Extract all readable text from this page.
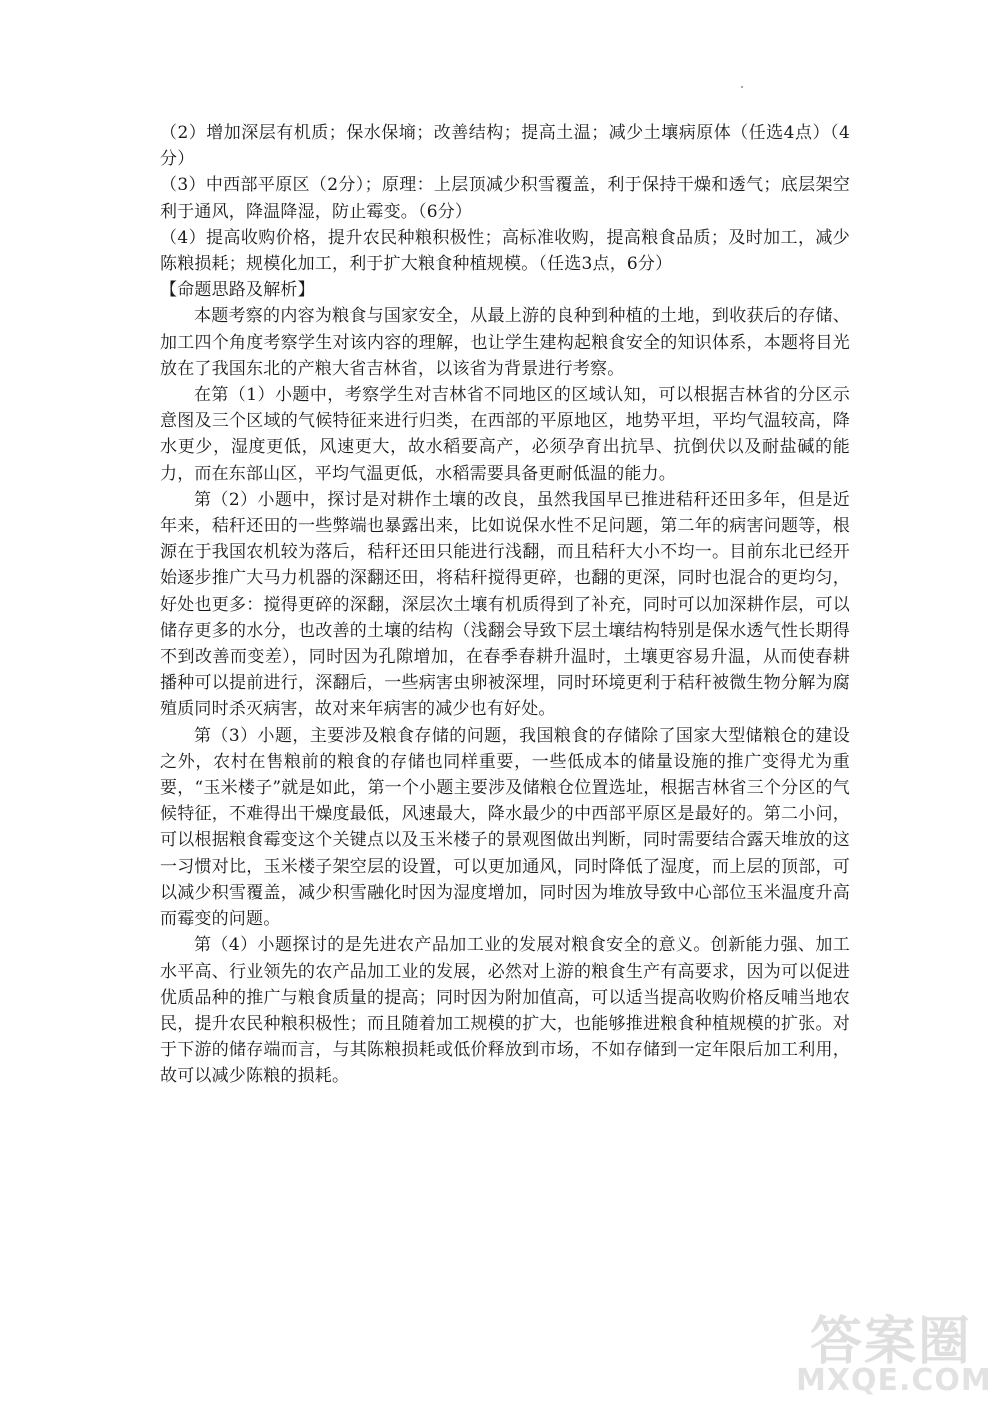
（2）增加深层有机质；保水保墒；改善结构；提高土温；减少土壤病原体（任选4点）（4分）

（3）中西部平原区（2分）；原理：上层顶减少积雪覆盖，利于保持干燥和透气；底层架空利于通风，降温降湿，防止霉变。（6分）

（4）提高收购价格，提升农民种粮积极性；高标准收购，提高粮食品质；及时加工，减少陈粮损耗；规模化加工，利于扩大粮食种植规模。（任选3点，6分）

【命题思路及解析】

本题考察的内容为粮食与国家安全，从最上游的良种到种植的土地，到收获后的存储、加工四个角度考察学生对该内容的理解，也让学生建构起粮食安全的知识体系，本题将目光放在了我国东北的产粮大省吉林省，以该省为背景进行考察。

在第（1）小题中，考察学生对吉林省不同地区的区域认知，可以根据吉林省的分区示意图及三个区域的气候特征来进行归类，在西部的平原地区，地势平坦，平均气温较高，降水更少，湿度更低，风速更大，故水稻要高产，必须孕育出抗旱、抗倒伏以及耐盐碱的能力，而在东部山区，平均气温更低，水稻需要具备更耐低温的能力。

第（2）小题中，探讨是对耕作土壤的改良，虽然我国早已推进秸秆还田多年，但是近年来，秸秆还田的一些弊端也暴露出来，比如说保水性不足问题，第二年的病害问题等，根源在于我国农机较为落后，秸秆还田只能进行浅翻，而且秸秆大小不均一。目前东北已经开始逐步推广大马力机器的深翻还田，将秸秆搅得更碎，也翻的更深，同时也混合的更均匀，好处也更多：搅得更碎的深翻，深层次土壤有机质得到了补充，同时可以加深耕作层，可以储存更多的水分，也改善的土壤的结构（浅翻会导致下层土壤结构特别是保水透气性长期得不到改善而变差），同时因为孔隙增加，在春季春耕升温时，土壤更容易升温，从而使春耕播种可以提前进行，深翻后，一些病害虫卵被深埋，同时环境更利于秸秆被微生物分解为腐殖质同时杀灭病害，故对来年病害的减少也有好处。

第（3）小题，主要涉及粮食存储的问题，我国粮食的存储除了国家大型储粮仓的建设之外，农村在售粮前的粮食的存储也同样重要，一些低成本的储量设施的推广变得尤为重要，“玉米楼子”就是如此，第一个小题主要涉及储粮仓位置选址，根据吉林省三个分区的气候特征，不难得出干燥度最低，风速最大，降水最少的中西部平原区是最好的。第二小问，可以根据粮食霉变这个关键点以及玉米楼子的景观图做出判断，同时需要结合露天堆放的这一习惯对比，玉米楼子架空层的设置，可以更加通风，同时降低了湿度，而上层的顶部，可以减少积雪覆盖，减少积雪融化时因为湿度增加，同时因为堆放导致中心部位玉米温度升高而霉变的问题。

第（4）小题探讨的是先进农产品加工业的发展对粮食安全的意义。创新能力强、加工水平高、行业领先的农产品加工业的发展，必然对上游的粮食生产有高要求，因为可以促进优质品种的推广与粮食质量的提高；同时因为附加值高，可以适当提高收购价格反哺当地农民，提升农民种粮积极性；而且随着加工规模的扩大，也能够推进粮食种植规模的扩张。对于下游的储存端而言，与其陈粮损耗或低价释放到市场，不如存储到一定年限后加工利用，故可以减少陈粮的损耗。

答案圈
MXQE.COM
